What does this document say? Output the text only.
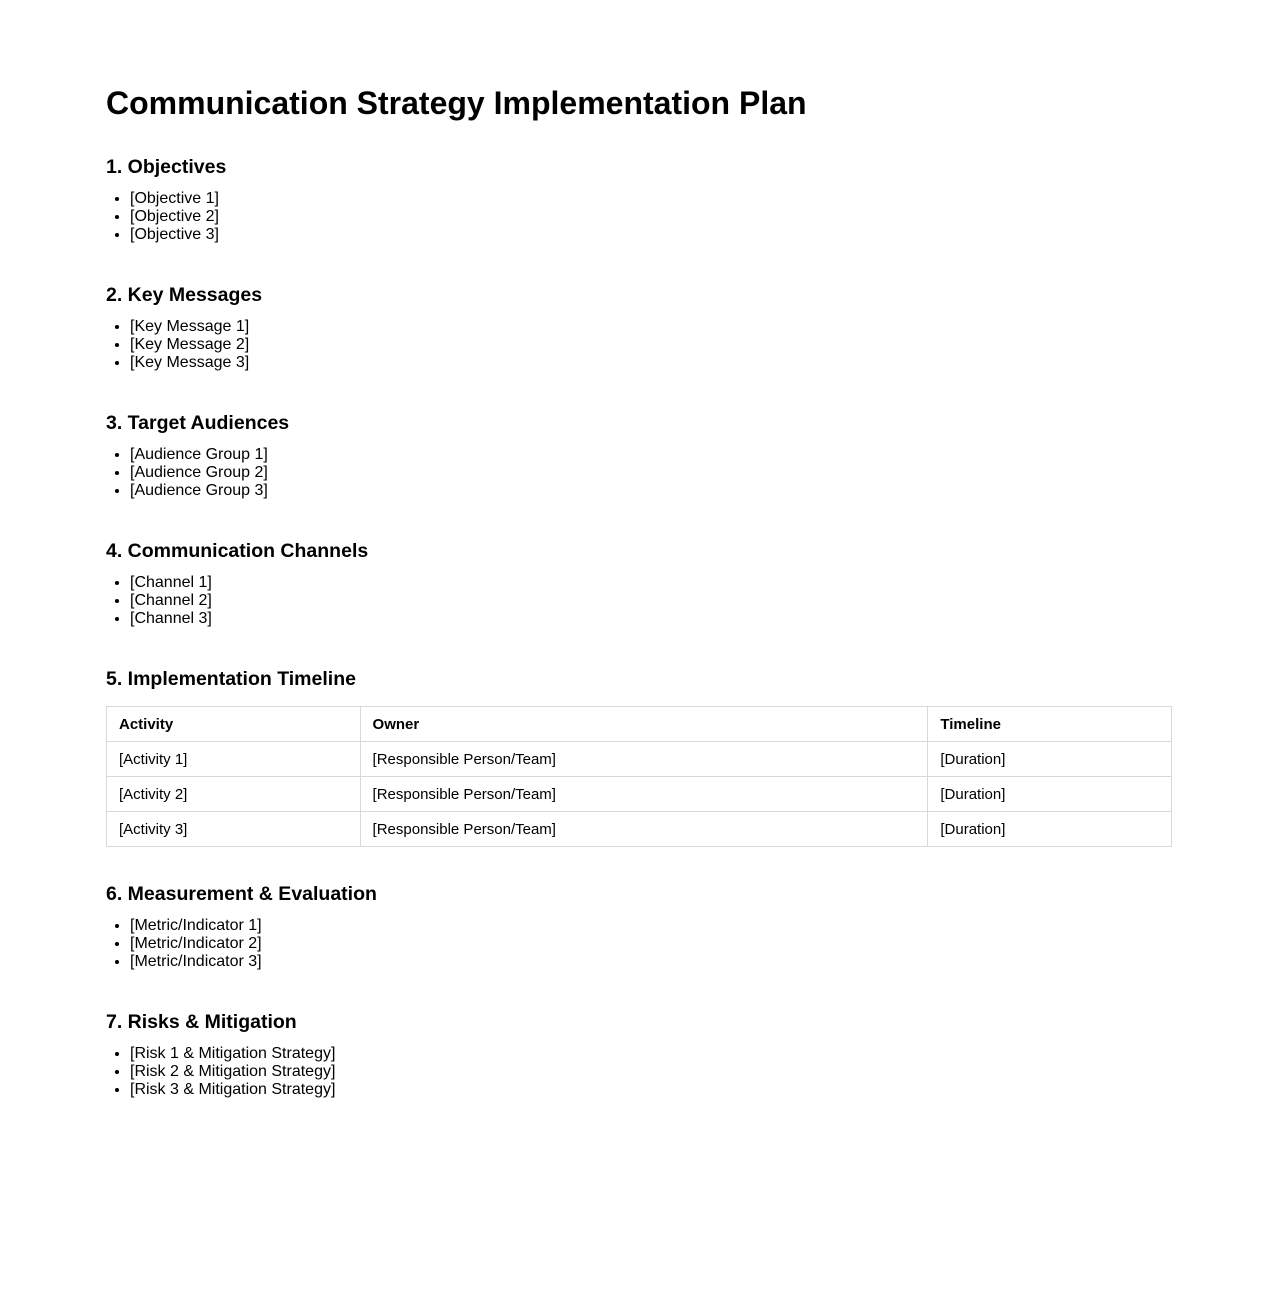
Communication Strategy Implementation Plan
1. Objectives
• [Objective 1]
• [Objective 2]
• [Objective 3]
2. Key Messages
• [Key Message 1]
• [Key Message 2]
• [Key Message 3]
3. Target Audiences
• [Audience Group 1]
• [Audience Group 2]
• [Audience Group 3]
4. Communication Channels
• [Channel 1]
• [Channel 2]
• [Channel 3]
5. Implementation Timeline
Activity	Owner	Timeline
[Activity 1]	[Responsible Person/Team]	[Duration]
[Activity 2]	[Responsible Person/Team]	[Duration]
[Activity 3]	[Responsible Person/Team]	[Duration]
6. Measurement & Evaluation
• [Metric/Indicator 1]
• [Metric/Indicator 2]
• [Metric/Indicator 3]
7. Risks & Mitigation
• [Risk 1 & Mitigation Strategy]
• [Risk 2 & Mitigation Strategy]
• [Risk 3 & Mitigation Strategy]
